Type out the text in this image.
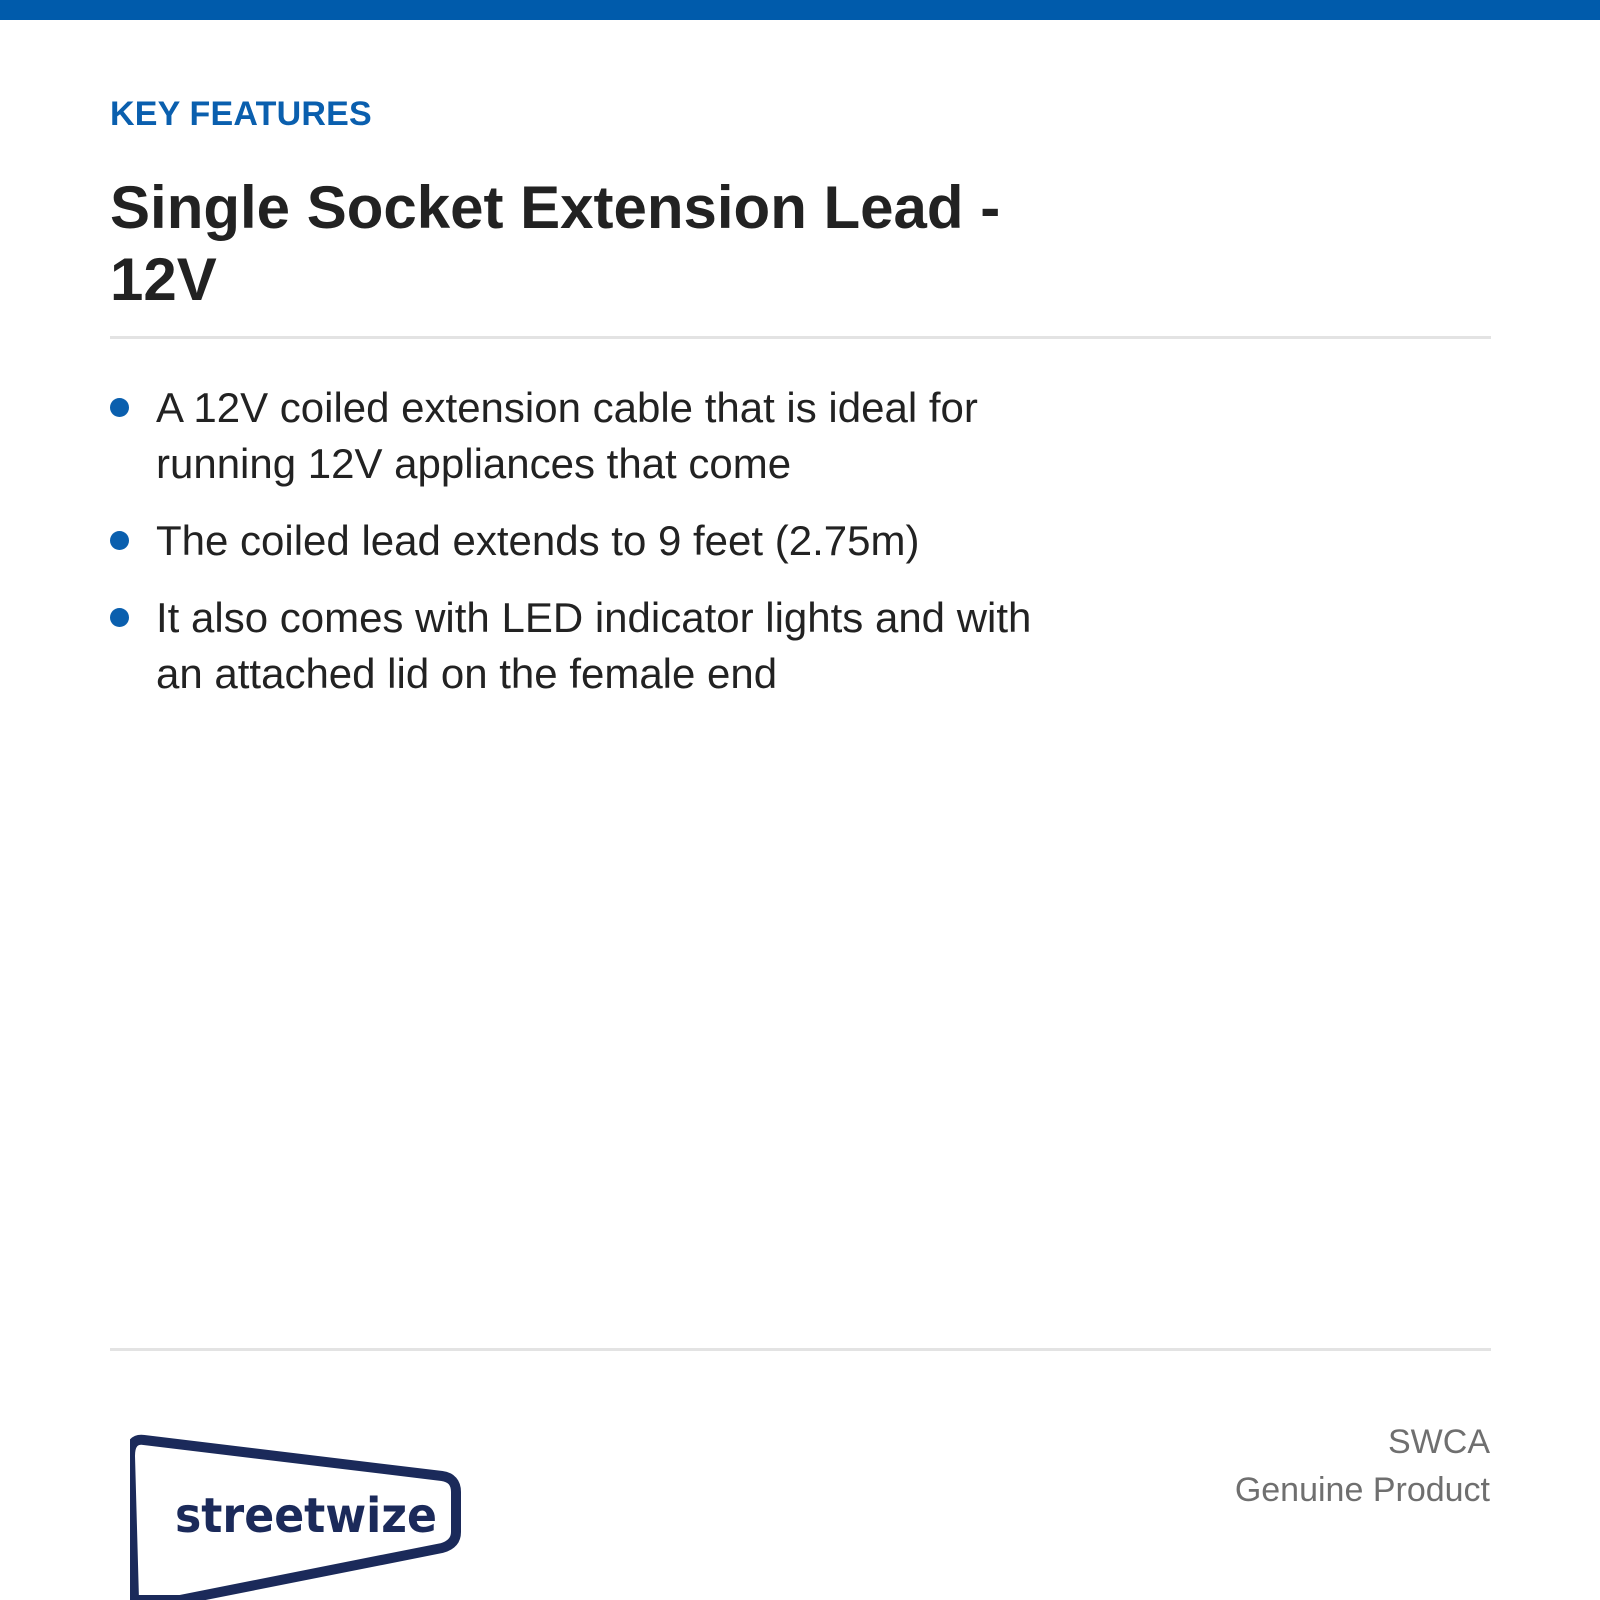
KEY FEATURES
Single Socket Extension Lead - 12V
A 12V coiled extension cable that is ideal for running 12V appliances that come
The coiled lead extends to 9 feet (2.75m)
It also comes with LED indicator lights and with an attached lid on the female end
streetwize
SWCA
Genuine Product
